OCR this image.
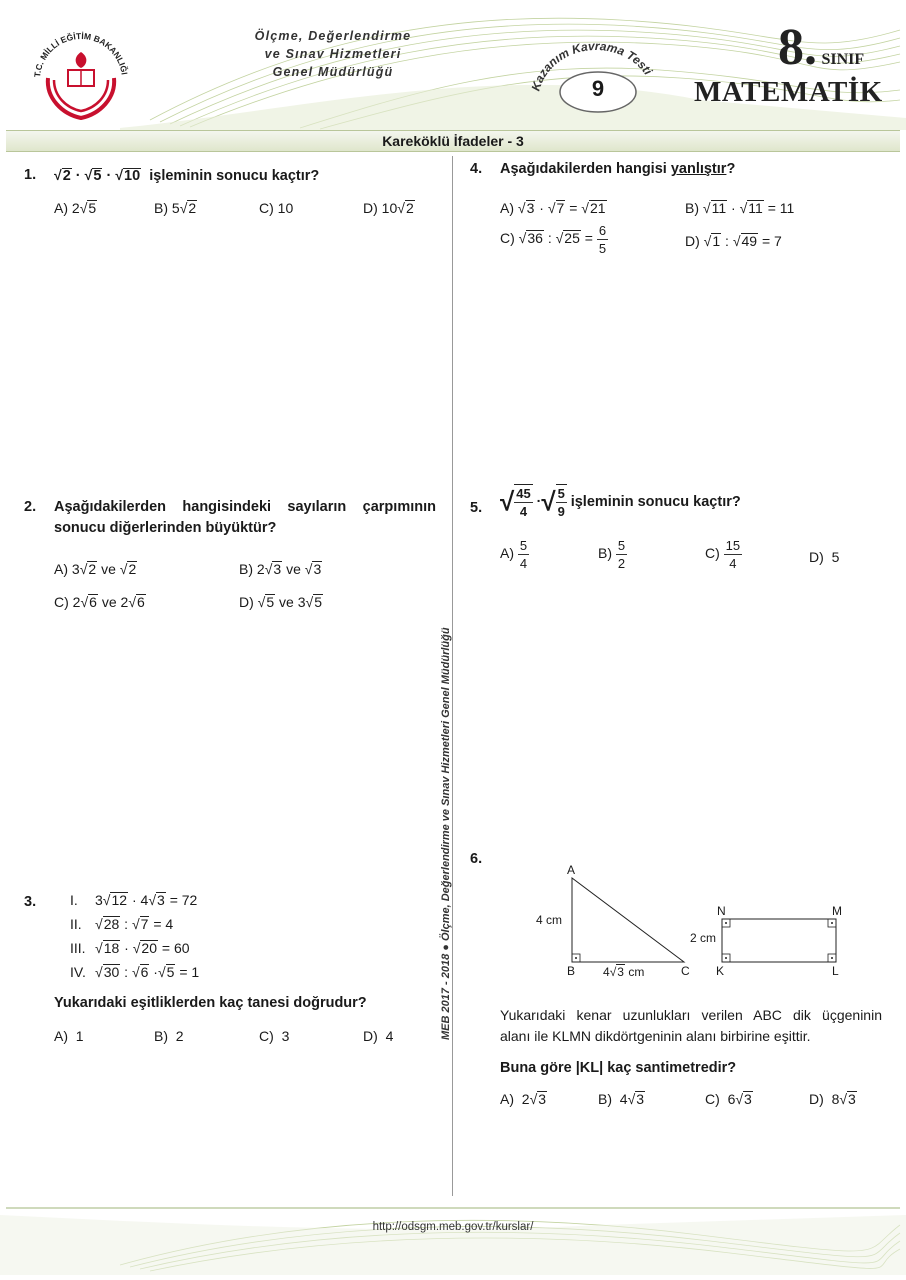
T.C. MİLLİ EĞİTİM BAKANLIĞI
Ölçme, Değerlendirme
ve Sınav Hizmetleri
Genel Müdürlüğü
Kazanım Kavrama Testi
9
8. SINIF
MATEMATİK
Kareköklü İfadeler - 3
MEB 2017 - 2018 ● Ölçme, Değerlendirme ve Sınav Hizmetleri Genel Müdürlüğü
1. √2 · √5 · √10 işleminin sonucu kaçtır?
A) 2√5	B) 5√2	C) 10	D) 10√2
2. Aşağıdakilerden hangisindeki sayıların çarpımının
sonucu diğerlerinden büyüktür?
A) 3√2 ve √2	B) 2√3 ve √3
C) 2√6 ve 2√6	D) √5 ve 3√5
3. I. 3√12 · 4√3 = 72
II. √28 : √7 = 4
III. √18 · √20 = 60
IV. √30 : √6 ·√5 = 1
Yukarıdaki eşitliklerden kaç tanesi doğrudur?
A) 1	B) 2	C) 3	D) 4
4. Aşağıdakilerden hangisi yanlıştır?
A) √3 · √7 = √21	B) √11 · √11 = 11
C) √36 : $√25 = \frac{6}{5}$	D) √1 : √49 = 7
5. √ $\frac{45}{4}$ ·√ $\frac{5}{9}$ işleminin sonucu kaçtır?
$A) \frac{5}{4}$	$B) \frac{5}{2}$	$C) \frac{15}{4}$	D) 5
6.
A
B	C K	L
M
N
4 cm
4√3 cm
2 cm
Yukarıdaki kenar uzunlukları verilen ABC dik üçgeninin
alanı ile KLMN dikdörtgeninin alanı birbirine eşittir.
Buna göre |KL| kaç santimetredir?
A) 2√3	B) 4√3	C) 6√3	D) 8√3
http://odsgm.meb.gov.tr/kurslar/
